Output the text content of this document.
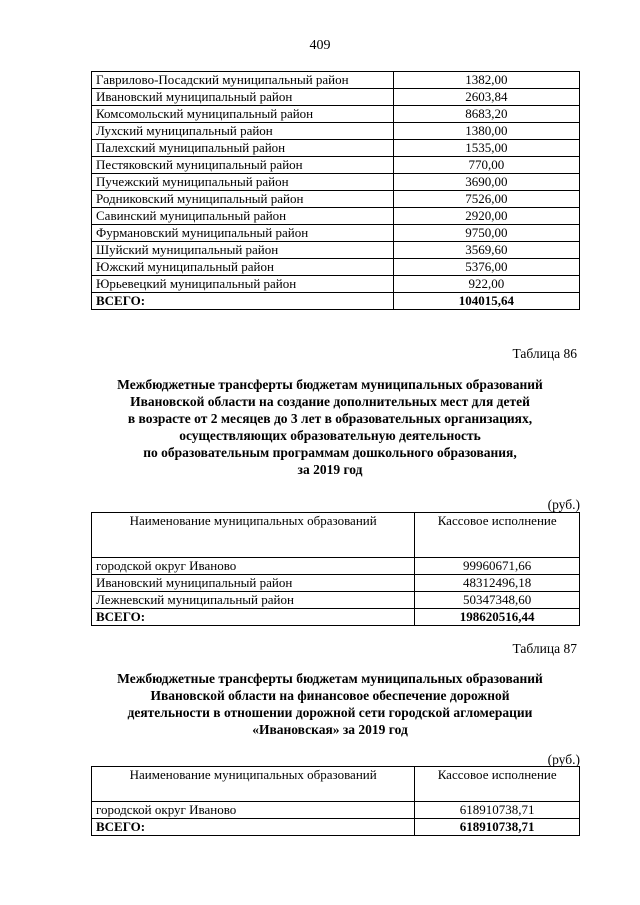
409
Гаврилово-Посадский муниципальный район	1382,00
Ивановский муниципальный район	2603,84
Комсомольский муниципальный район	8683,20
Лухский муниципальный район	1380,00
Палехский муниципальный район	1535,00
Пестяковский муниципальный район	770,00
Пучежский муниципальный район	3690,00
Родниковский муниципальный район	7526,00
Савинский муниципальный район	2920,00
Фурмановский муниципальный район	9750,00
Шуйский муниципальный район	3569,60
Южский муниципальный район	5376,00
Юрьевецкий муниципальный район	922,00
ВСЕГО:	104015,64
Таблица 86
Межбюджетные трансферты бюджетам муниципальных образований
Ивановской области на создание дополнительных мест для детей
в возрасте от 2 месяцев до 3 лет в образовательных организациях,
осуществляющих образовательную деятельность
по образовательным программам дошкольного образования,
за 2019 год
(руб.)
Наименование муниципальных образований	Кассовое исполнение
городской округ Иваново	99960671,66
Ивановский муниципальный район	48312496,18
Лежневский муниципальный район	50347348,60
ВСЕГО:	198620516,44
Таблица 87
Межбюджетные трансферты бюджетам муниципальных образований
Ивановской области на финансовое обеспечение дорожной
деятельности в отношении дорожной сети городской агломерации
«Ивановская» за 2019 год
(руб.)
Наименование муниципальных образований	Кассовое исполнение
городской округ Иваново	618910738,71
ВСЕГО:	618910738,71
